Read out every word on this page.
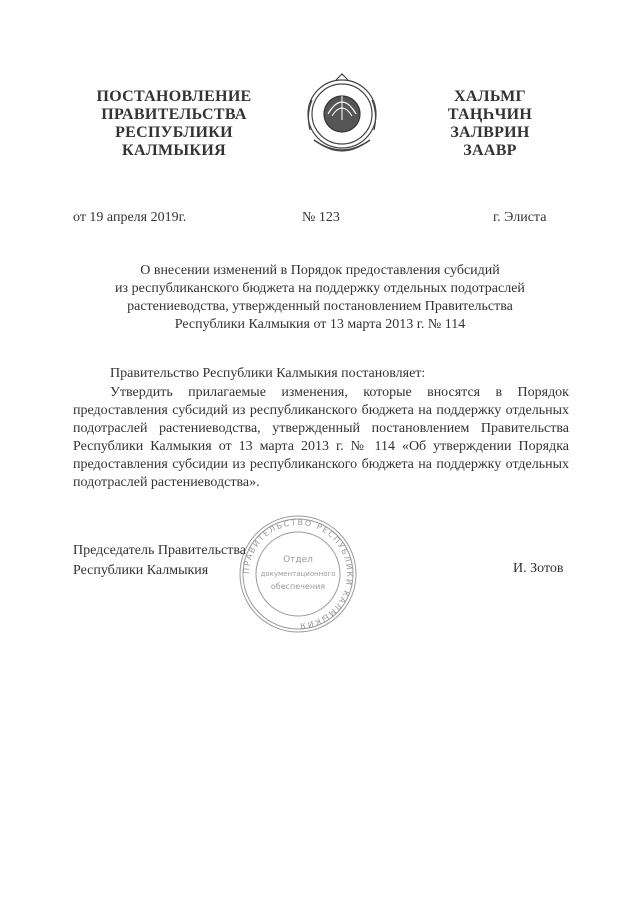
ПОСТАНОВЛЕНИЕ
ПРАВИТЕЛЬСТВА
РЕСПУБЛИКИ
КАЛМЫКИЯ
ХАЛЬМГ
ТАҢҺЧИН
ЗАЛВРИН
ЗААВР
от 19 апреля 2019г.	№ 123	г. Элиста
О внесении изменений в Порядок предоставления субсидий
из республиканского бюджета на поддержку отдельных подотраслей
растениеводства, утвержденный постановлением Правительства
Республики Калмыкия от 13 марта 2013 г. № 114
Правительство Республики Калмыкия постановляет:
Утвердить прилагаемые изменения, которые вносятся в Порядок
предоставления субсидий из республиканского бюджета на поддержку отдельных
подотраслей растениеводства, утвержденный постановлением Правительства
Республики Калмыкия от 13 марта 2013 г. № 114 «Об утверждении Порядка
предоставления субсидии из республиканского бюджета на поддержку отдельных
подотраслей растениеводства».
ПРАВИТЕЛЬСТВО РЕСПУБЛИКИ КАЛМЫКИЯ
Отдел
документационного
обеспечения
Председатель Правительства
Республики Калмыкия	И. Зотов
